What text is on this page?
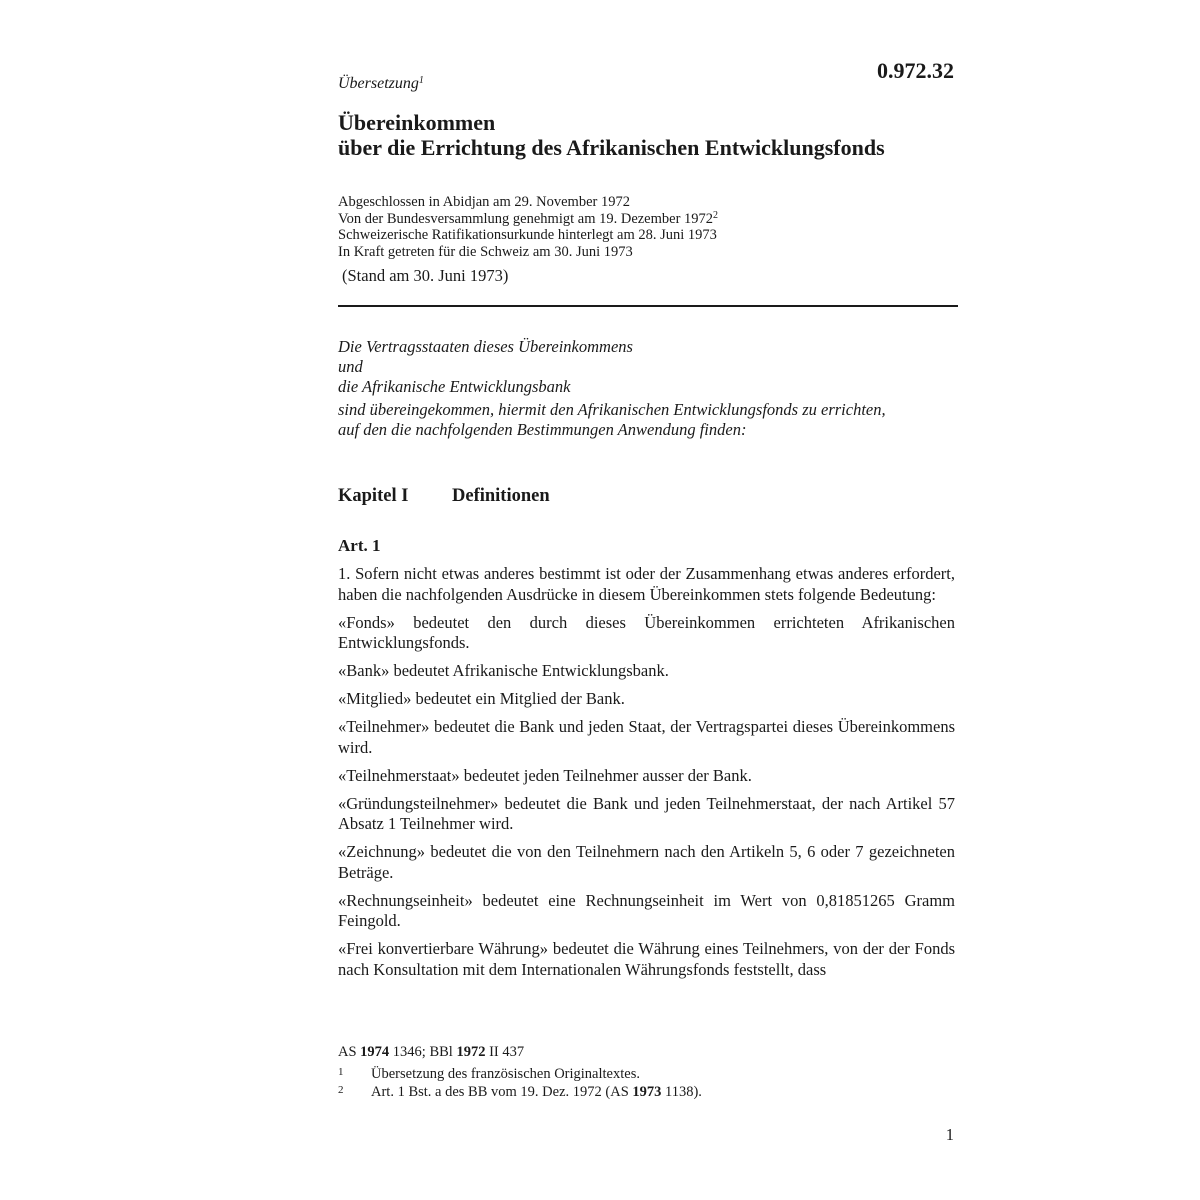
0.972.32
Übersetzung$^1$
Übereinkommen
über die Errichtung des Afrikanischen Entwicklungsfonds
Abgeschlossen in Abidjan am 29. November 1972
Von der Bundesversammlung genehmigt am 19. Dezember 1972$^2$
Schweizerische Ratifikationsurkunde hinterlegt am 28. Juni 1973
In Kraft getreten für die Schweiz am 30. Juni 1973
(Stand am 30. Juni 1973)
Die Vertragsstaaten dieses Übereinkommens
und
die Afrikanische Entwicklungsbank
sind übereingekommen, hiermit den Afrikanischen Entwicklungsfonds zu errichten,
auf den die nachfolgenden Bestimmungen Anwendung finden:
Kapitel I Definitionen
Art. 1

1. Sofern nicht etwas anderes bestimmt ist oder der Zusammenhang etwas anderes erfordert, haben die nachfolgenden Ausdrücke in diesem Übereinkommen stets folgende Bedeutung:

«Fonds» bedeutet den durch dieses Übereinkommen errichteten Afrikanischen Entwicklungsfonds.

«Bank» bedeutet Afrikanische Entwicklungsbank.

«Mitglied» bedeutet ein Mitglied der Bank.

«Teilnehmer» bedeutet die Bank und jeden Staat, der Vertragspartei dieses Übereinkommens wird.

«Teilnehmerstaat» bedeutet jeden Teilnehmer ausser der Bank.

«Gründungsteilnehmer» bedeutet die Bank und jeden Teilnehmerstaat, der nach Artikel 57 Absatz 1 Teilnehmer wird.

«Zeichnung» bedeutet die von den Teilnehmern nach den Artikeln 5, 6 oder 7 gezeichneten Beträge.

«Rechnungseinheit» bedeutet eine Rechnungseinheit im Wert von 0,81851265 Gramm Feingold.

«Frei konvertierbare Währung» bedeutet die Währung eines Teilnehmers, von der der Fonds nach Konsultation mit dem Internationalen Währungsfonds feststellt, dass

AS 1974 1346; BBl 1972 II 437
1 Übersetzung des französischen Originaltextes.
2 Art. 1 Bst. a des BB vom 19. Dez. 1972 (AS 1973 1138).
1
